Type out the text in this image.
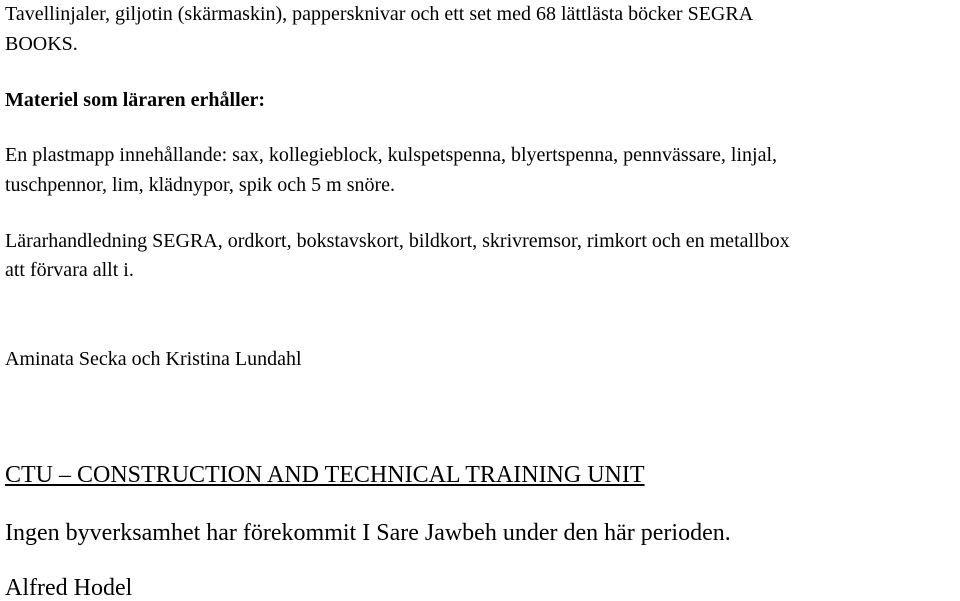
Tavellinjaler, giljotin (skärmaskin), pappersknivar och ett set med 68 lättlästa böcker SEGRA
BOOKS.
Materiel som läraren erhåller:
En plastmapp innehållande: sax, kollegieblock, kulspetspenna, blyertspenna, pennvässare, linjal,
tuschpennor, lim, klädnypor, spik och 5 m snöre.
Lärarhandledning SEGRA, ordkort, bokstavskort, bildkort, skrivremsor, rimkort och en metallbox
att förvara allt i.
Aminata Secka och Kristina Lundahl
CTU – CONSTRUCTION AND TECHNICAL TRAINING UNIT
Ingen byverksamhet har förekommit I Sare Jawbeh under den här perioden.
Alfred Hodel
